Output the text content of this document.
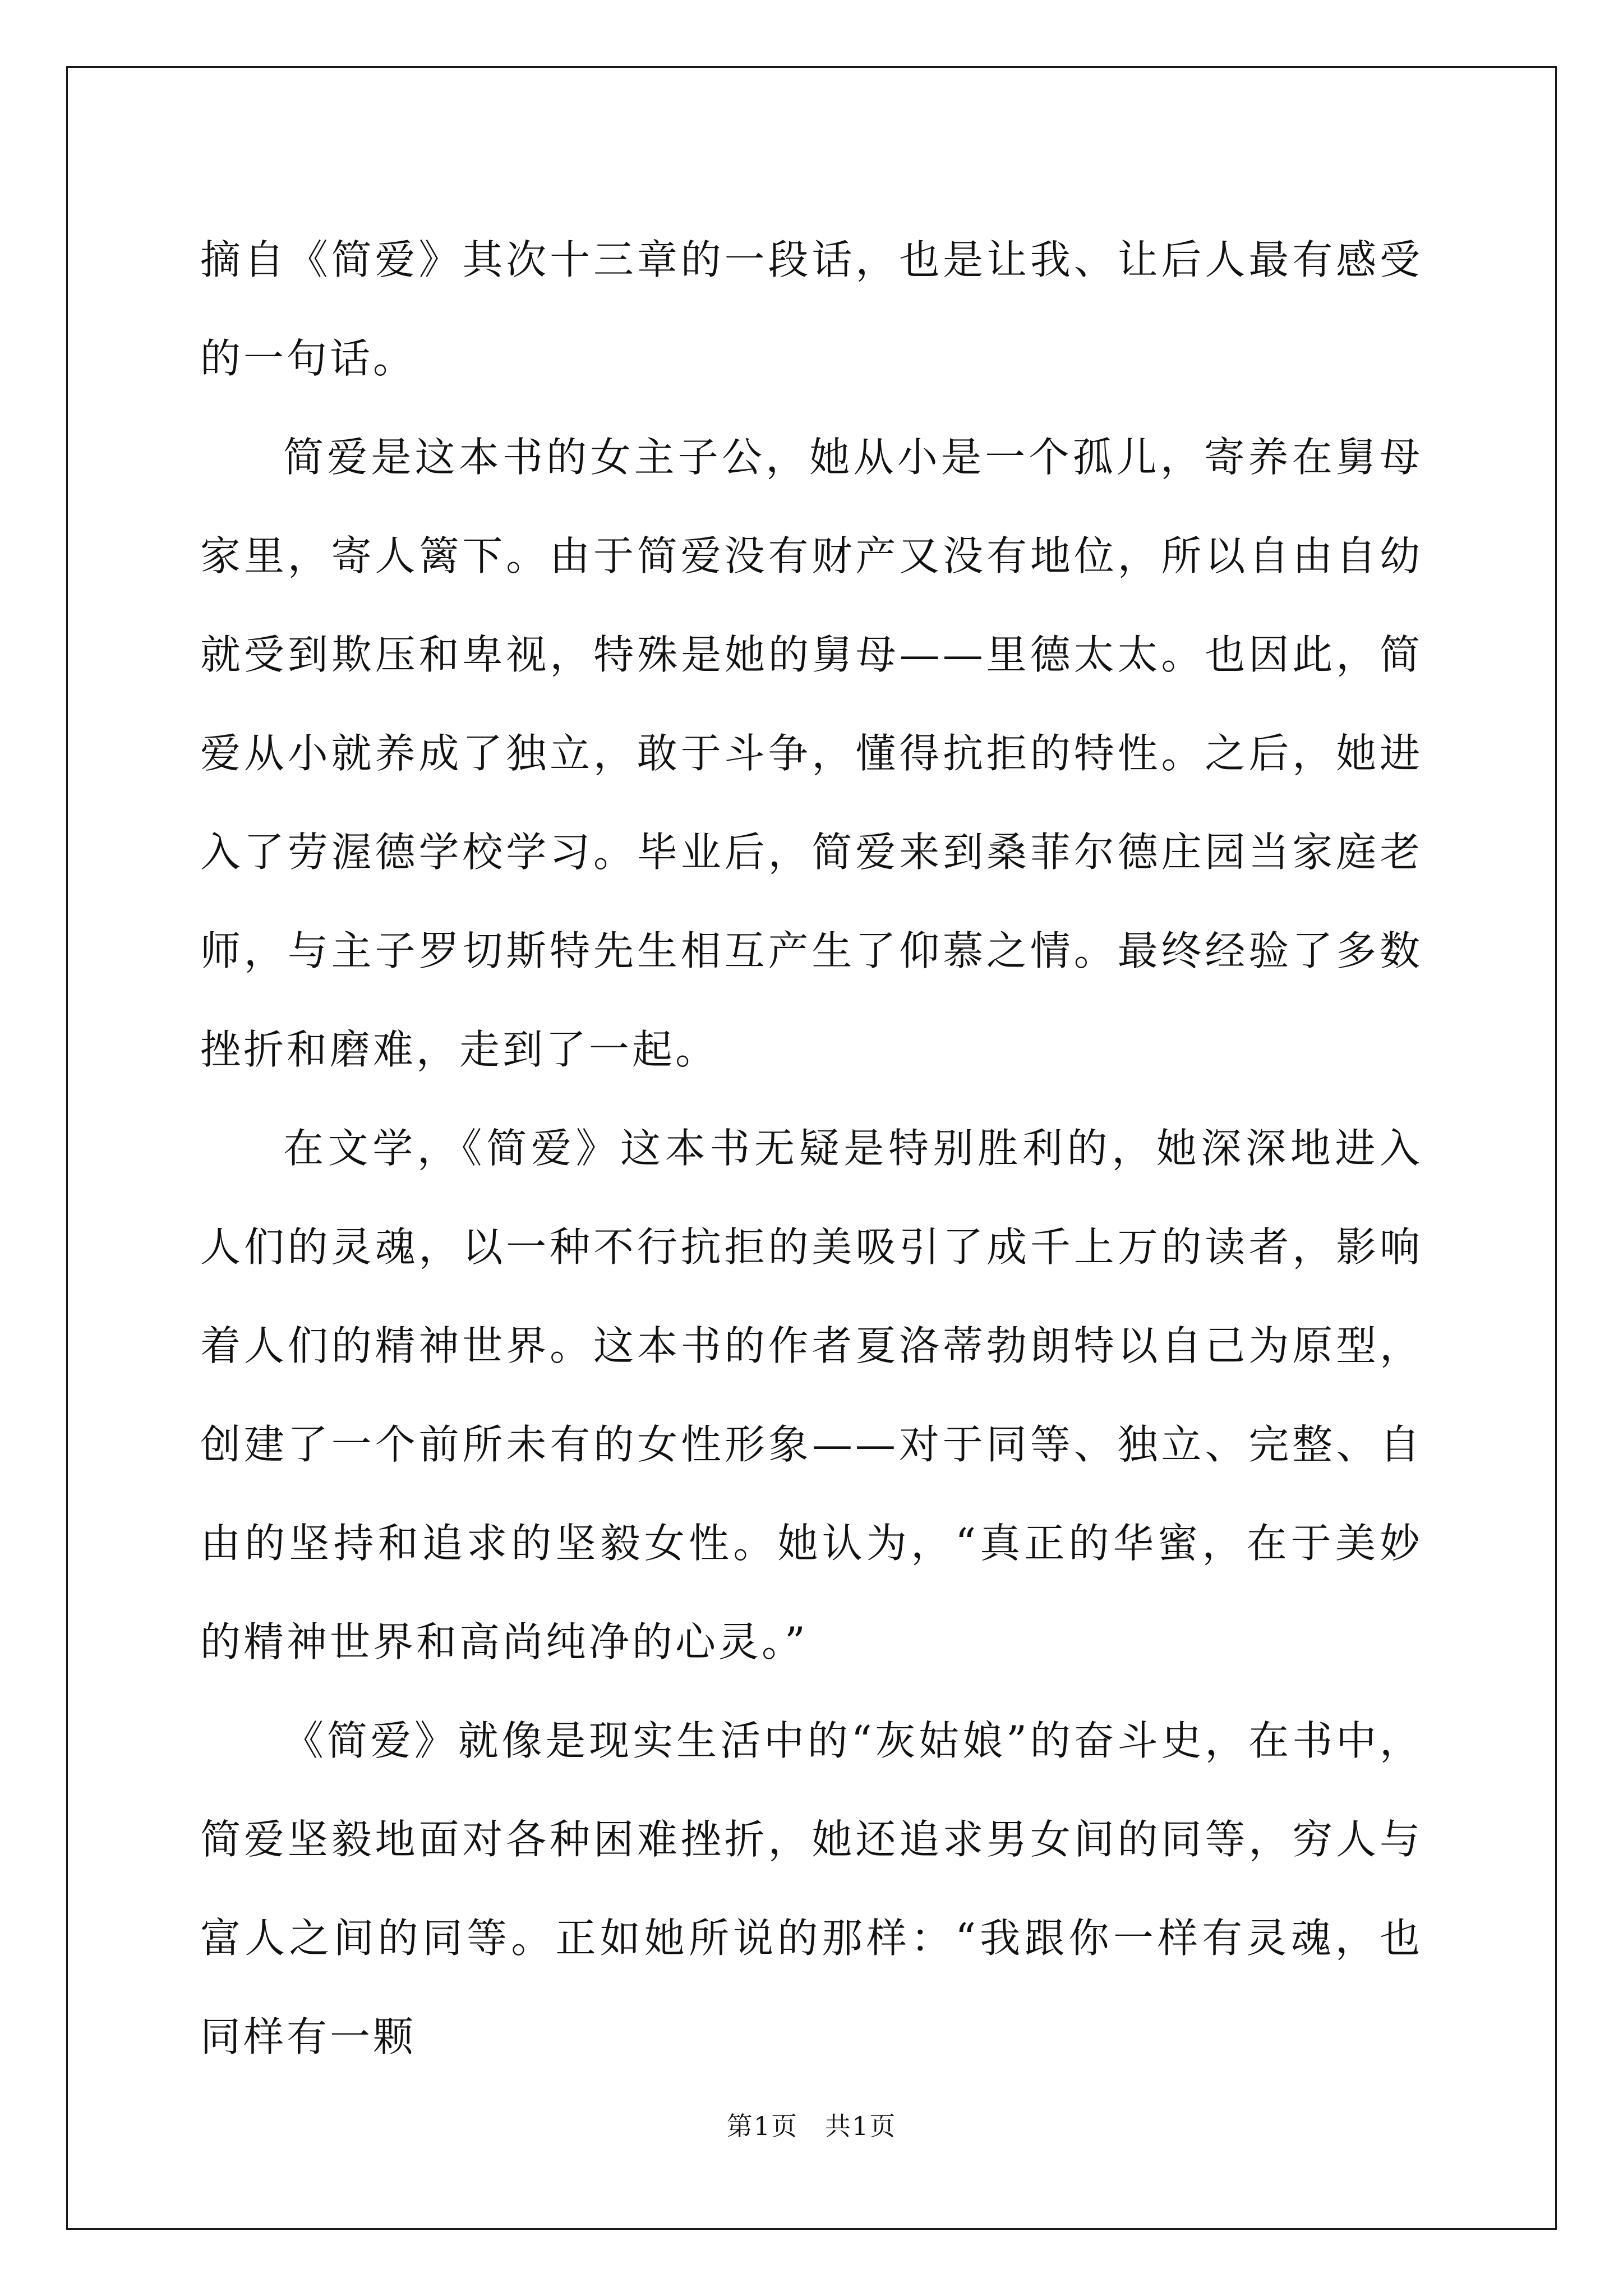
摘自《简爱》其次十三章的一段话，也是让我、让后人最有感受的一句话。

简爱是这本书的女主子公，她从小是一个孤儿，寄养在舅母家里，寄人篱下。由于简爱没有财产又没有地位，所以自由自幼就受到欺压和卑视，特殊是她的舅母——里德太太。也因此，简爱从小就养成了独立，敢于斗争，懂得抗拒的特性。之后，她进入了劳渥德学校学习。毕业后，简爱来到桑菲尔德庄园当家庭老师，与主子罗切斯特先生相互产生了仰慕之情。最终经验了多数挫折和磨难，走到了一起。

在文学，《简爱》这本书无疑是特别胜利的，她深深地进入人们的灵魂，以一种不行抗拒的美吸引了成千上万的读者，影响着人们的精神世界。这本书的作者夏洛蒂勃朗特以自己为原型，创建了一个前所未有的女性形象——对于同等、独立、完整、自由的坚持和追求的坚毅女性。她认为，“真正的华蜜，在于美妙的精神世界和高尚纯净的心灵。”

《简爱》就像是现实生活中的“灰姑娘”的奋斗史，在书中，简爱坚毅地面对各种困难挫折，她还追求男女间的同等，穷人与富人之间的同等。正如她所说的那样：“我跟你一样有灵魂，也同样有一颗

第1页　共1页
